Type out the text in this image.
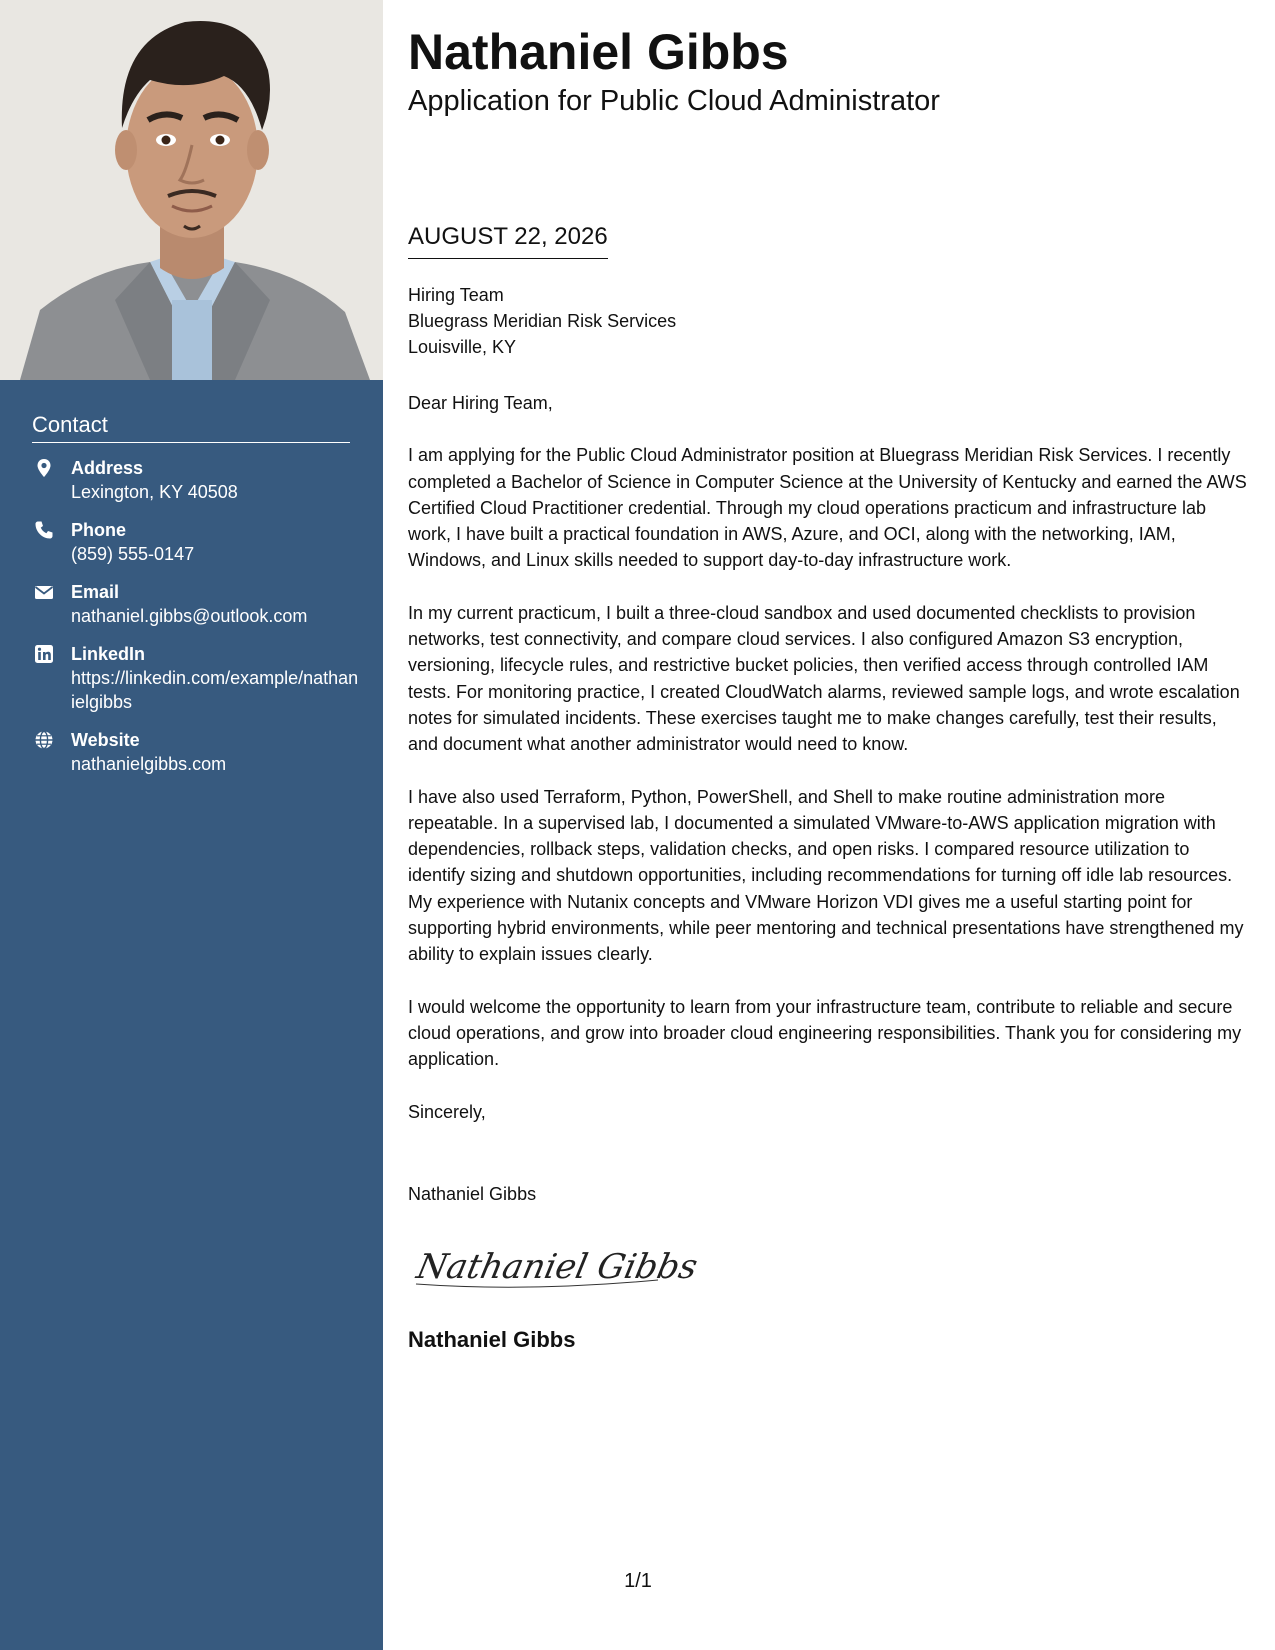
Contact
Address
Lexington, KY 40508
Phone
(859) 555-0147
Email
nathaniel.gibbs@outlook.com
LinkedIn
https://linkedin.com/example/nathanielgibbs
Website
nathanielgibbs.com
Nathaniel Gibbs
Application for Public Cloud Administrator
AUGUST 22, 2026
Hiring Team
Bluegrass Meridian Risk Services
Louisville, KY

Dear Hiring Team,

I am applying for the Public Cloud Administrator position at Bluegrass Meridian Risk Services. I recently completed a Bachelor of Science in Computer Science at the University of Kentucky and earned the AWS Certified Cloud Practitioner credential. Through my cloud operations practicum and infrastructure lab work, I have built a practical foundation in AWS, Azure, and OCI, along with the networking, IAM, Windows, and Linux skills needed to support day-to-day infrastructure work.

In my current practicum, I built a three-cloud sandbox and used documented checklists to provision networks, test connectivity, and compare cloud services. I also configured Amazon S3 encryption, versioning, lifecycle rules, and restrictive bucket policies, then verified access through controlled IAM tests. For monitoring practice, I created CloudWatch alarms, reviewed sample logs, and wrote escalation notes for simulated incidents. These exercises taught me to make changes carefully, test their results, and document what another administrator would need to know.

I have also used Terraform, Python, PowerShell, and Shell to make routine administration more repeatable. In a supervised lab, I documented a simulated VMware-to-AWS application migration with dependencies, rollback steps, validation checks, and open risks. I compared resource utilization to identify sizing and shutdown opportunities, including recommendations for turning off idle lab resources. My experience with Nutanix concepts and VMware Horizon VDI gives me a useful starting point for supporting hybrid environments, while peer mentoring and technical presentations have strengthened my ability to explain issues clearly.

I would welcome the opportunity to learn from your infrastructure team, contribute to reliable and secure cloud operations, and grow into broader cloud engineering responsibilities. Thank you for considering my application.

Sincerely,

Nathaniel Gibbs
Nathaniel Gibbs
Nathaniel Gibbs
1/1
